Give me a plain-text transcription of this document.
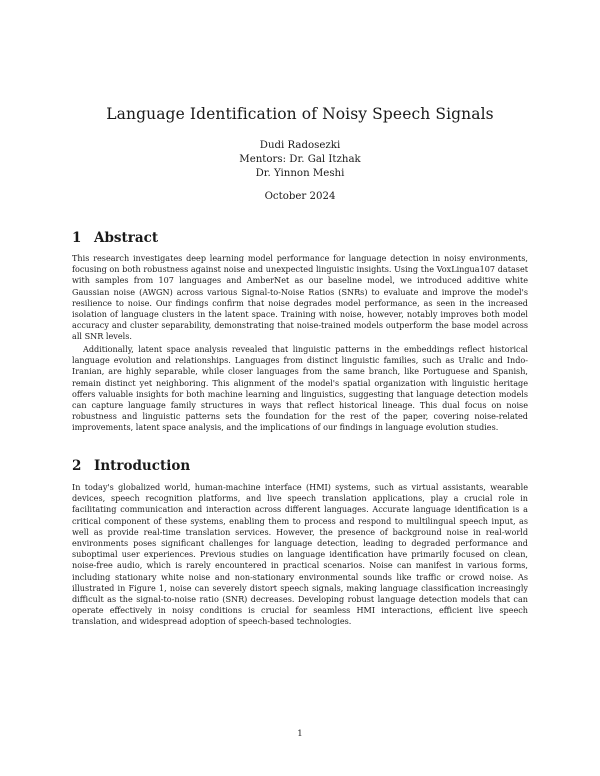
Language Identification of Noisy Speech Signals
Dudi Radosezki
Mentors: Dr. Gal Itzhak
Dr. Yinnon Meshi
October 2024
1 Abstract
This research investigates deep learning model performance for language detection in noisy environments, focusing on both robustness against noise and unexpected linguistic insights. Using the VoxLingua107 dataset with samples from 107 languages and AmberNet as our baseline model, we introduced additive white Gaussian noise (AWGN) across various Signal-to-Noise Ratios (SNRs) to evaluate and improve the model's resilience to noise. Our findings confirm that noise degrades model performance, as seen in the increased isolation of language clusters in the latent space. Training with noise, however, notably improves both model accuracy and cluster separability, demonstrating that noise-trained models outperform the base model across all SNR levels.
Additionally, latent space analysis revealed that linguistic patterns in the embeddings reflect historical language evolution and relationships. Languages from distinct linguistic families, such as Uralic and Indo-Iranian, are highly separable, while closer languages from the same branch, like Portuguese and Spanish, remain distinct yet neighboring. This alignment of the model's spatial organization with linguistic heritage offers valuable insights for both machine learning and linguistics, suggesting that language detection models can capture language family structures in ways that reflect historical lineage. This dual focus on noise robustness and linguistic patterns sets the foundation for the rest of the paper, covering noise-related improvements, latent space analysis, and the implications of our findings in language evolution studies.
2 Introduction
In today's globalized world, human-machine interface (HMI) systems, such as virtual assistants, wearable devices, speech recognition platforms, and live speech translation applications, play a crucial role in facilitating communication and interaction across different languages. Accurate language identification is a critical component of these systems, enabling them to process and respond to multilingual speech input, as well as provide real-time translation services. However, the presence of background noise in real-world environments poses significant challenges for language detection, leading to degraded performance and suboptimal user experiences. Previous studies on language identification have primarily focused on clean, noise-free audio, which is rarely encountered in practical scenarios. Noise can manifest in various forms, including stationary white noise and non-stationary environmental sounds like traffic or crowd noise. As illustrated in Figure 1, noise can severely distort speech signals, making language classification increasingly difficult as the signal-to-noise ratio (SNR) decreases. Developing robust language detection models that can operate effectively in noisy conditions is crucial for seamless HMI interactions, efficient live speech translation, and widespread adoption of speech-based technologies.
1
